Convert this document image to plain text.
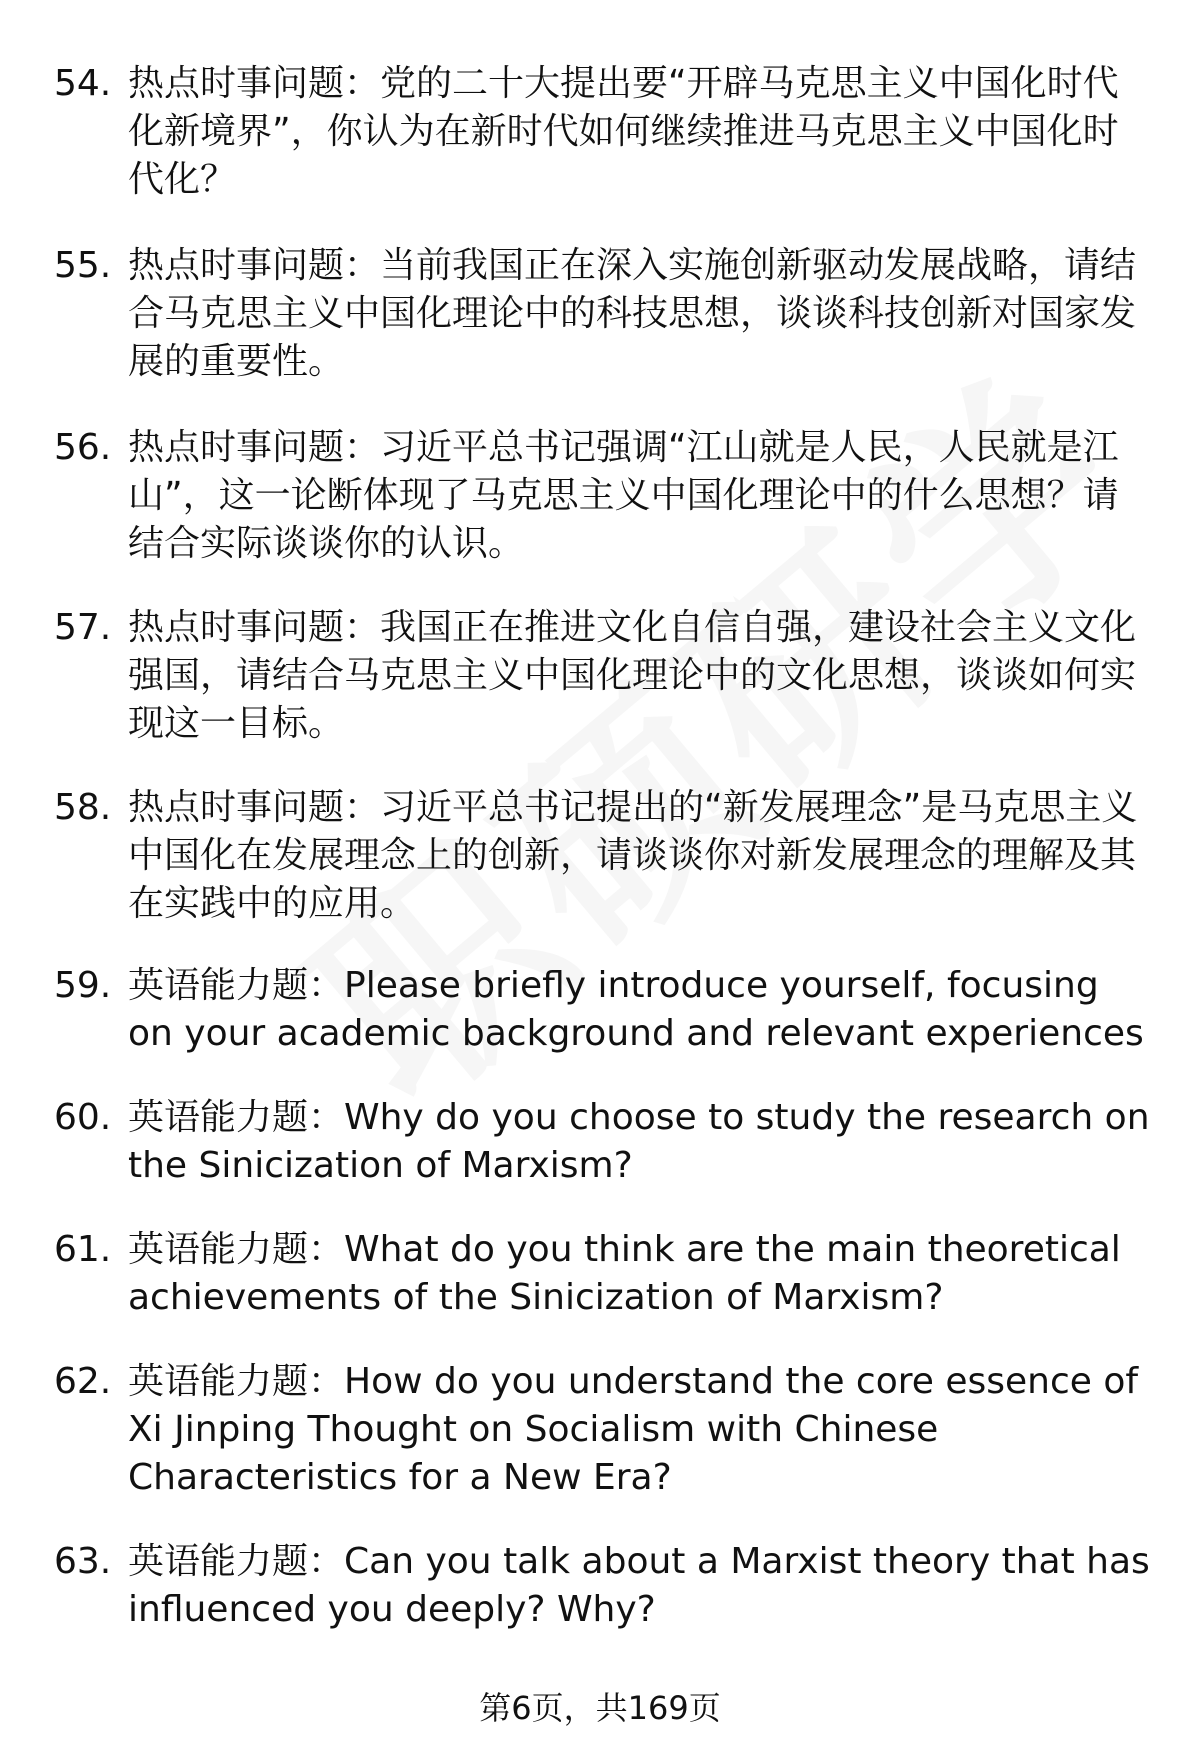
54. 热点时事问题：党的二十大提出要“开辟马克思主义中国化时代化新境界”，你认为在新时代如何继续推进马克思主义中国化时代化？
55. 热点时事问题：当前我国正在深入实施创新驱动发展战略，请结合马克思主义中国化理论中的科技思想，谈谈科技创新对国家发展的重要性。
56. 热点时事问题：习近平总书记强调“江山就是人民，人民就是江山”，这一论断体现了马克思主义中国化理论中的什么思想？请结合实际谈谈你的认识。
57. 热点时事问题：我国正在推进文化自信自强，建设社会主义文化强国，请结合马克思主义中国化理论中的文化思想，谈谈如何实现这一目标。
58. 热点时事问题：习近平总书记提出的“新发展理念”是马克思主义中国化在发展理念上的创新，请谈谈你对新发展理念的理解及其在实践中的应用。
59. 英语能力题：Please briefly introduce yourself, focusing on your academic background and relevant experiences
60. 英语能力题：Why do you choose to study the research on the Sinicization of Marxism?
61. 英语能力题：What do you think are the main theoretical achievements of the Sinicization of Marxism?
62. 英语能力题：How do you understand the core essence of Xi Jinping Thought on Socialism with Chinese Characteristics for a New Era?
63. 英语能力题：Can you talk about a Marxist theory that has influenced you deeply? Why?
第6页，共169页
